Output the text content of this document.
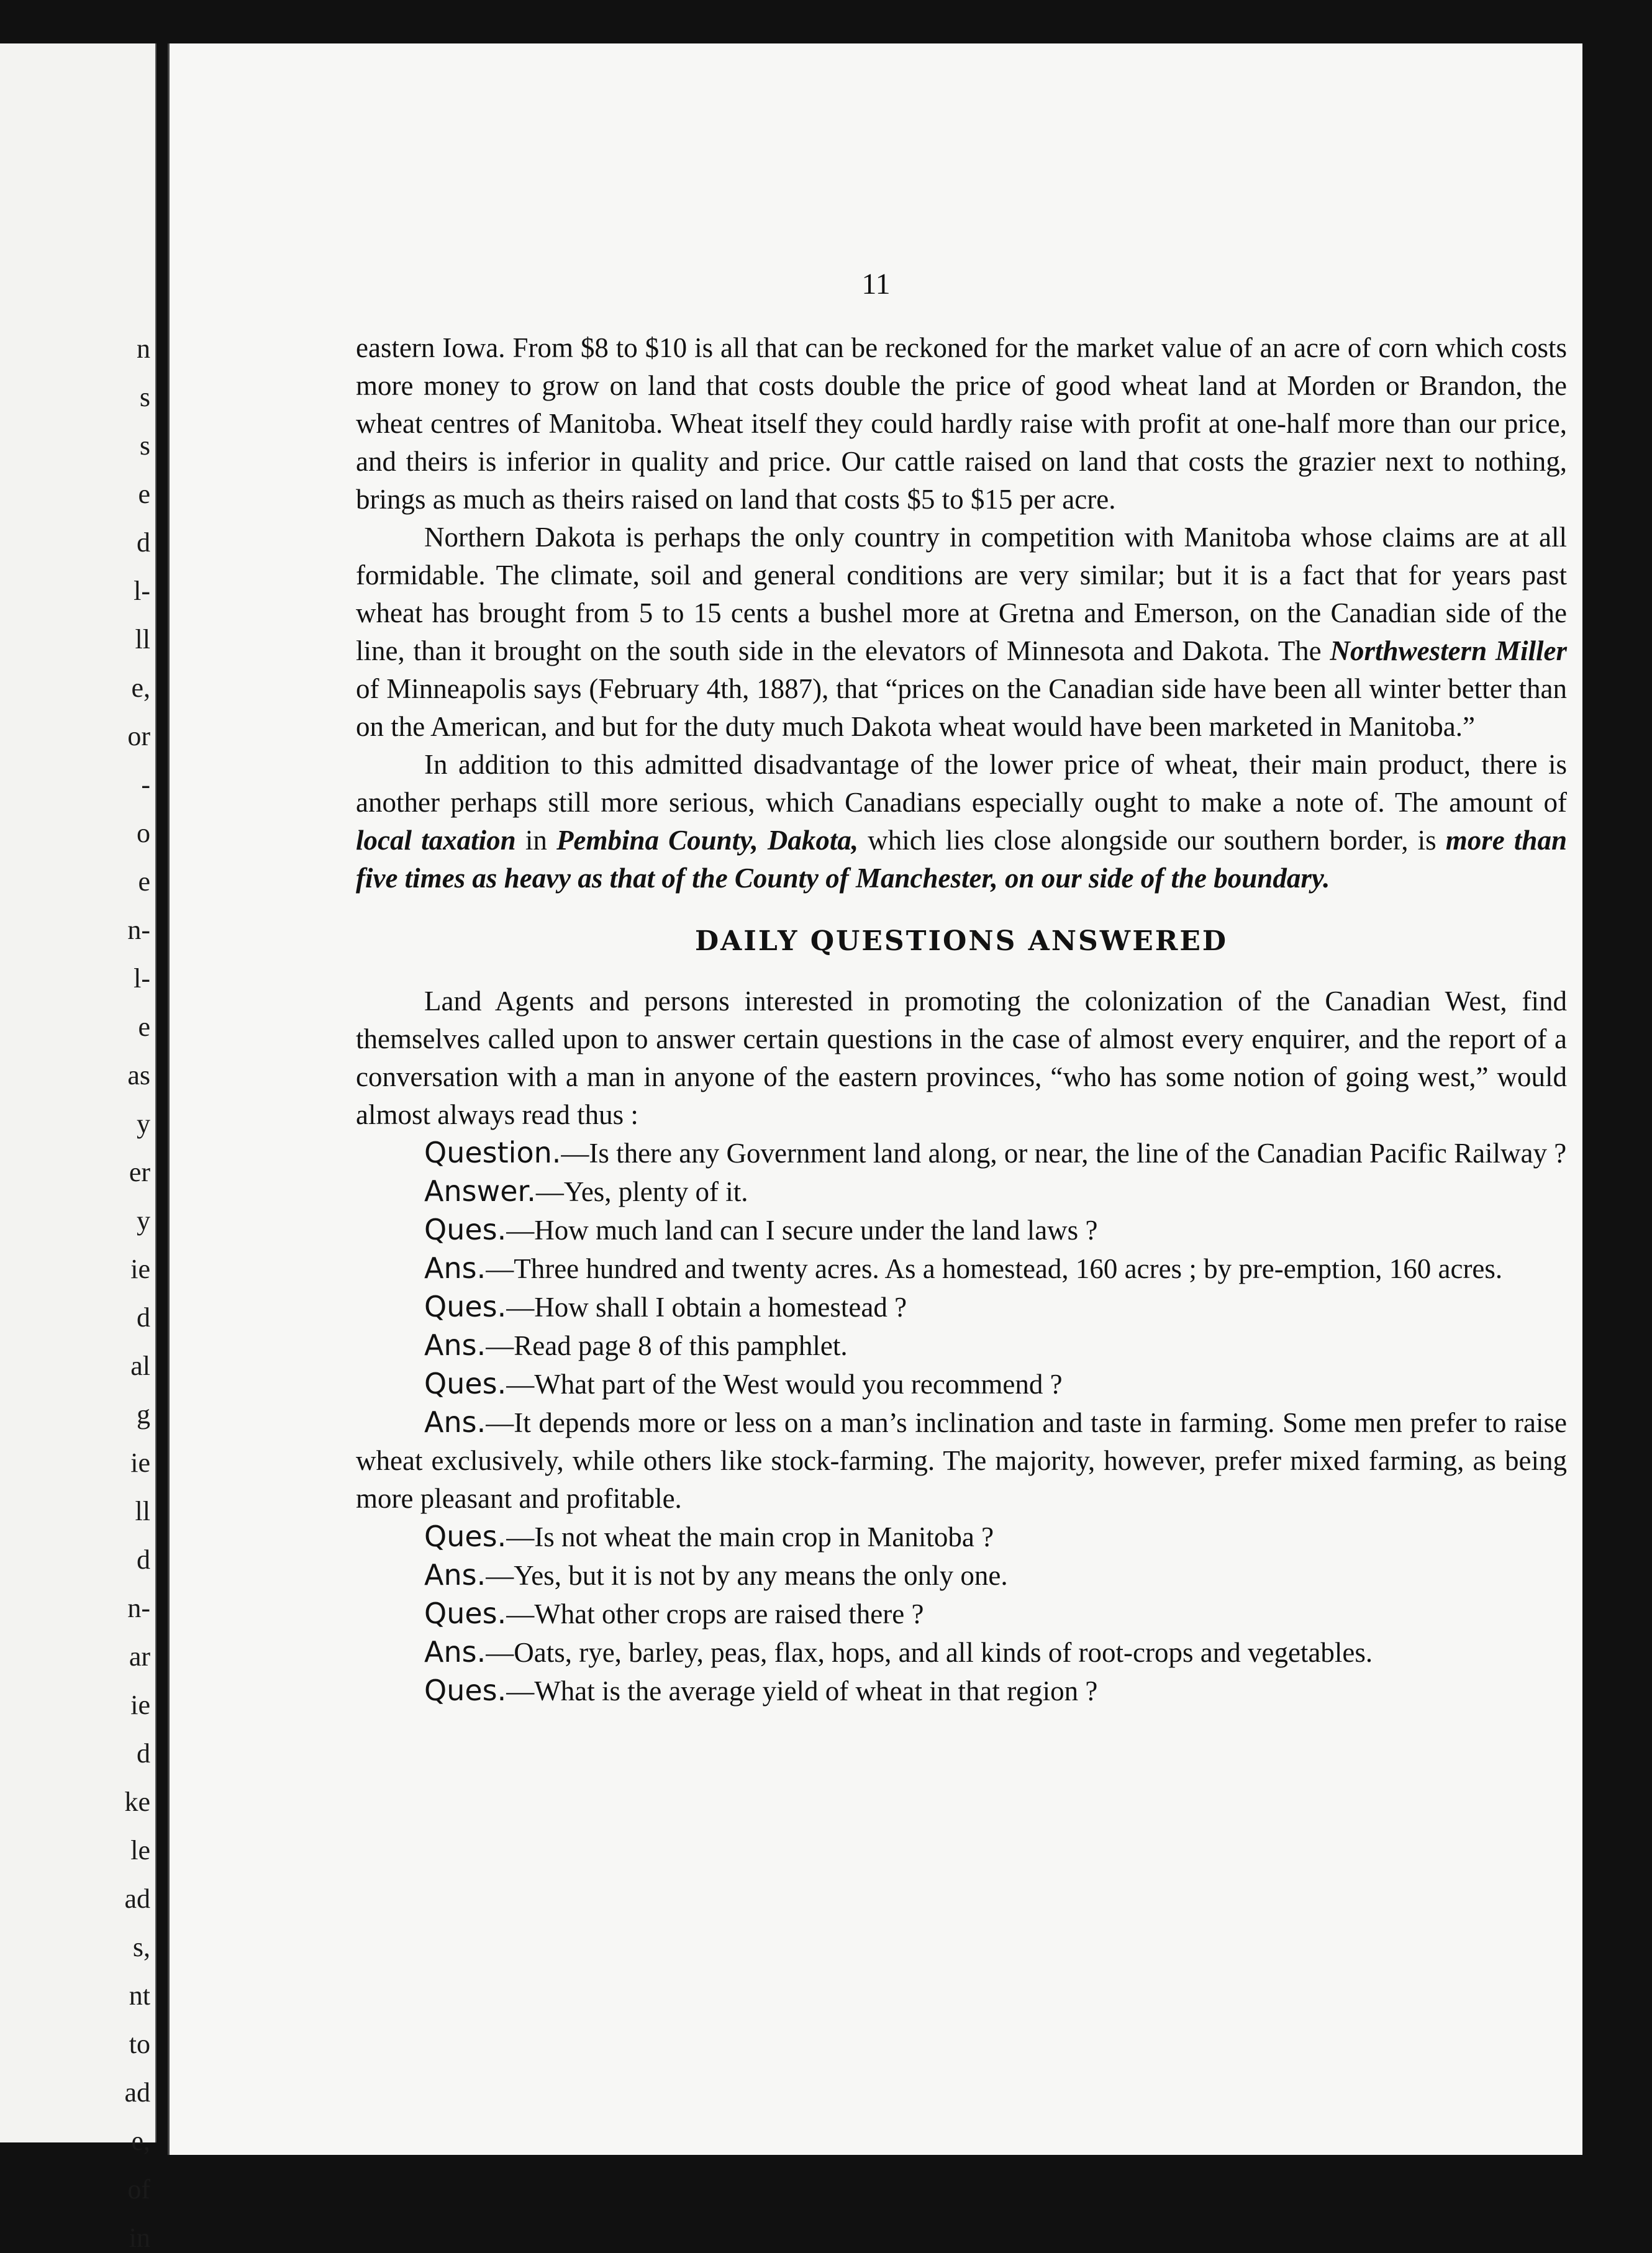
n
s
s
e
d
l-
ll
e,
or
-
o
e
n-
l-
e
as
y
er
y
ie
d
al
g
ie
ll
d
n-
ar
ie
d
ke
le
ad
s,
nt
to
ad
e,
of
in
11

eastern Iowa. From $8 to $10 is all that can be reckoned for the market value of an acre of corn which costs more money to grow on land that costs double the price of good wheat land at Morden or Brandon, the wheat centres of Manitoba. Wheat itself they could hardly raise with profit at one-half more than our price, and theirs is inferior in quality and price. Our cattle raised on land that costs the grazier next to nothing, brings as much as theirs raised on land that costs $5 to $15 per acre.

Northern Dakota is perhaps the only country in competition with Manitoba whose claims are at all formidable. The climate, soil and general conditions are very similar; but it is a fact that for years past wheat has brought from 5 to 15 cents a bushel more at Gretna and Emerson, on the Canadian side of the line, than it brought on the south side in the elevators of Minnesota and Dakota. The Northwestern Miller of Minneapolis says (February 4th, 1887), that “prices on the Canadian side have been all winter better than on the American, and but for the duty much Dakota wheat would have been marketed in Manitoba.”

In addition to this admitted disadvantage of the lower price of wheat, their main product, there is another perhaps still more serious, which Canadians especially ought to make a note of. The amount of local taxation in Pembina County, Dakota, which lies close alongside our southern border, is more than five times as heavy as that of the County of Manchester, on our side of the boundary.

DAILY QUESTIONS ANSWERED

Land Agents and persons interested in promoting the colonization of the Canadian West, find themselves called upon to answer certain questions in the case of almost every enquirer, and the report of a conversation with a man in anyone of the eastern provinces, “who has some notion of going west,” would almost always read thus :

Question.—Is there any Government land along, or near, the line of the Canadian Pacific Railway ?

Answer.—Yes, plenty of it.

Ques.—How much land can I secure under the land laws ?

Ans.—Three hundred and twenty acres. As a homestead, 160 acres ; by pre-emption, 160 acres.

Ques.—How shall I obtain a homestead ?

Ans.—Read page 8 of this pamphlet.

Ques.—What part of the West would you recommend ?

Ans.—It depends more or less on a man’s inclination and taste in farming. Some men prefer to raise wheat exclusively, while others like stock-farming. The majority, however, prefer mixed farming, as being more pleasant and profitable.

Ques.—Is not wheat the main crop in Manitoba ?

Ans.—Yes, but it is not by any means the only one.

Ques.—What other crops are raised there ?

Ans.—Oats, rye, barley, peas, flax, hops, and all kinds of root-crops and vegetables.

Ques.—What is the average yield of wheat in that region ?
